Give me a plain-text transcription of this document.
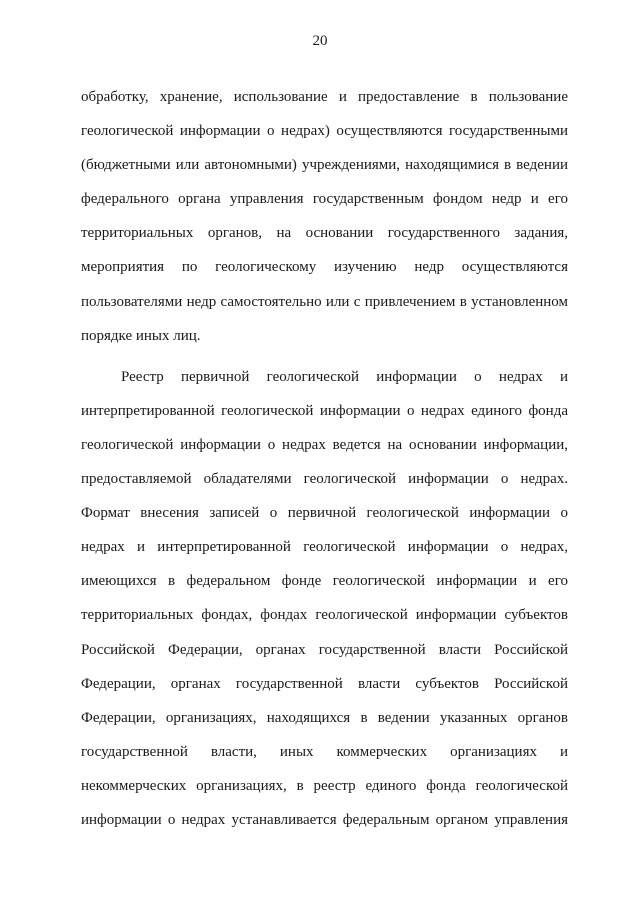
20
обработку, хранение, использование и предоставление в пользование
геологической информации о недрах) осуществляются государственными
(бюджетными или автономными) учреждениями, находящимися в ведении
федерального органа управления государственным фондом недр и его
территориальных органов, на основании государственного задания,
мероприятия по геологическому изучению недр осуществляются
пользователями недр самостоятельно или с привлечением в установленном
порядке иных лиц.
Реестр первичной геологической информации о недрах и
интерпретированной геологической информации о недрах единого фонда
геологической информации о недрах ведется на основании информации,
предоставляемой обладателями геологической информации о недрах.
Формат внесения записей о первичной геологической информации о
недрах и интерпретированной геологической информации о недрах,
имеющихся в федеральном фонде геологической информации и его
территориальных фондах, фондах геологической информации субъектов
Российской Федерации, органах государственной власти Российской
Федерации, органах государственной власти субъектов Российской
Федерации, организациях, находящихся в ведении указанных органов
государственной власти, иных коммерческих организациях и
некоммерческих организациях, в реестр единого фонда геологической
информации о недрах устанавливается федеральным органом управления
